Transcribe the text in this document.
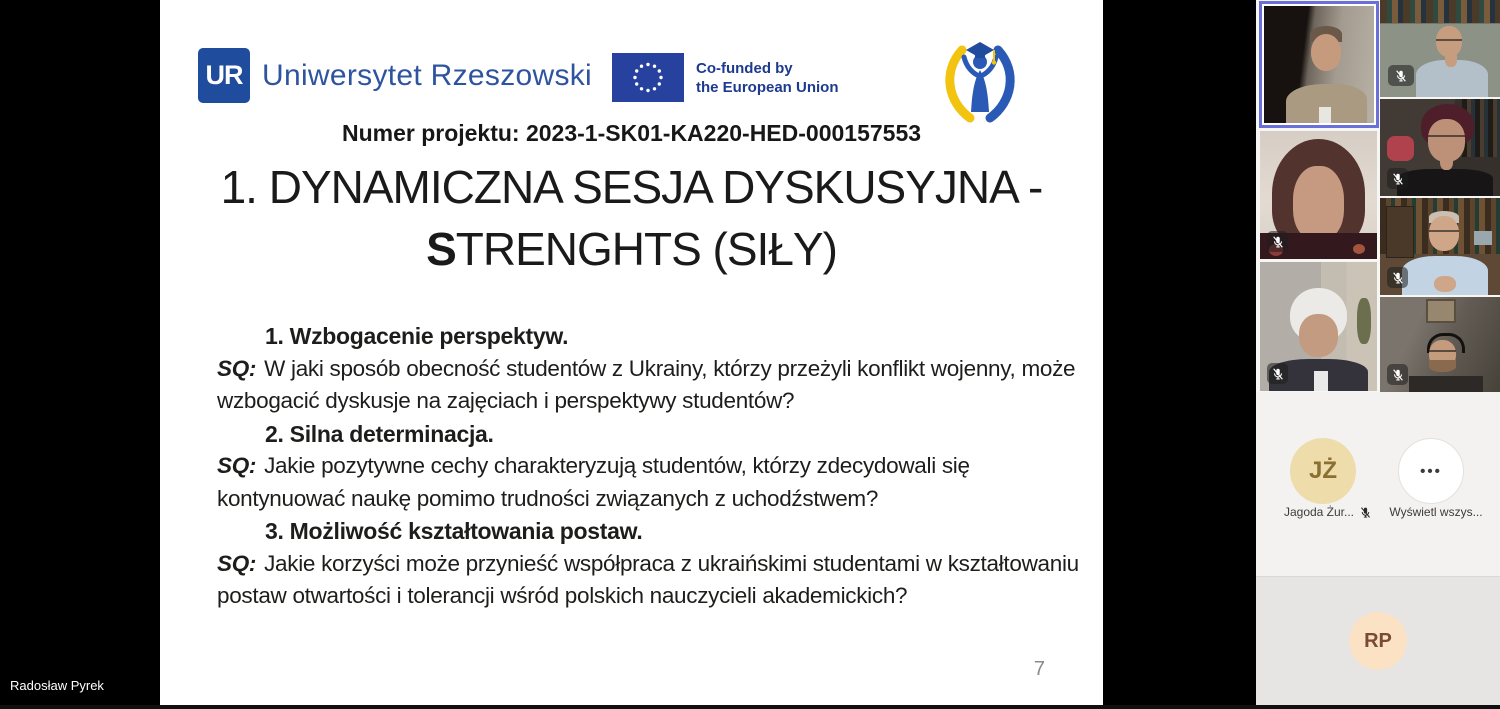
UR Uniwersytet Rzeszowski	Co-funded by
the European Union
Numer projektu: 2023-1-SK01-KA220-HED-000157553
1. DYNAMICZNA SESJA DYSKUSYJNA -
STRENGHTS (SIŁY)
1. Wzbogacenie perspektyw.
SQ: W jaki sposób obecność studentów z Ukrainy, którzy przeżyli konflikt wojenny, może
wzbogacić dyskusje na zajęciach i perspektywy studentów?
2. Silna determinacja.
SQ: Jakie pozytywne cechy charakteryzują studentów, którzy zdecydowali się
kontynuować naukę pomimo trudności związanych z uchodźstwem?
3. Możliwość kształtowania postaw.
SQ: Jakie korzyści może przynieść współpraca z ukraińskimi studentami w kształtowaniu
postaw otwartości i tolerancji wśród polskich nauczycieli akademickich?
7
Radosław Pyrek
JŻ	•••
Jagoda Żur...	Wyświetl wszys...
RP
